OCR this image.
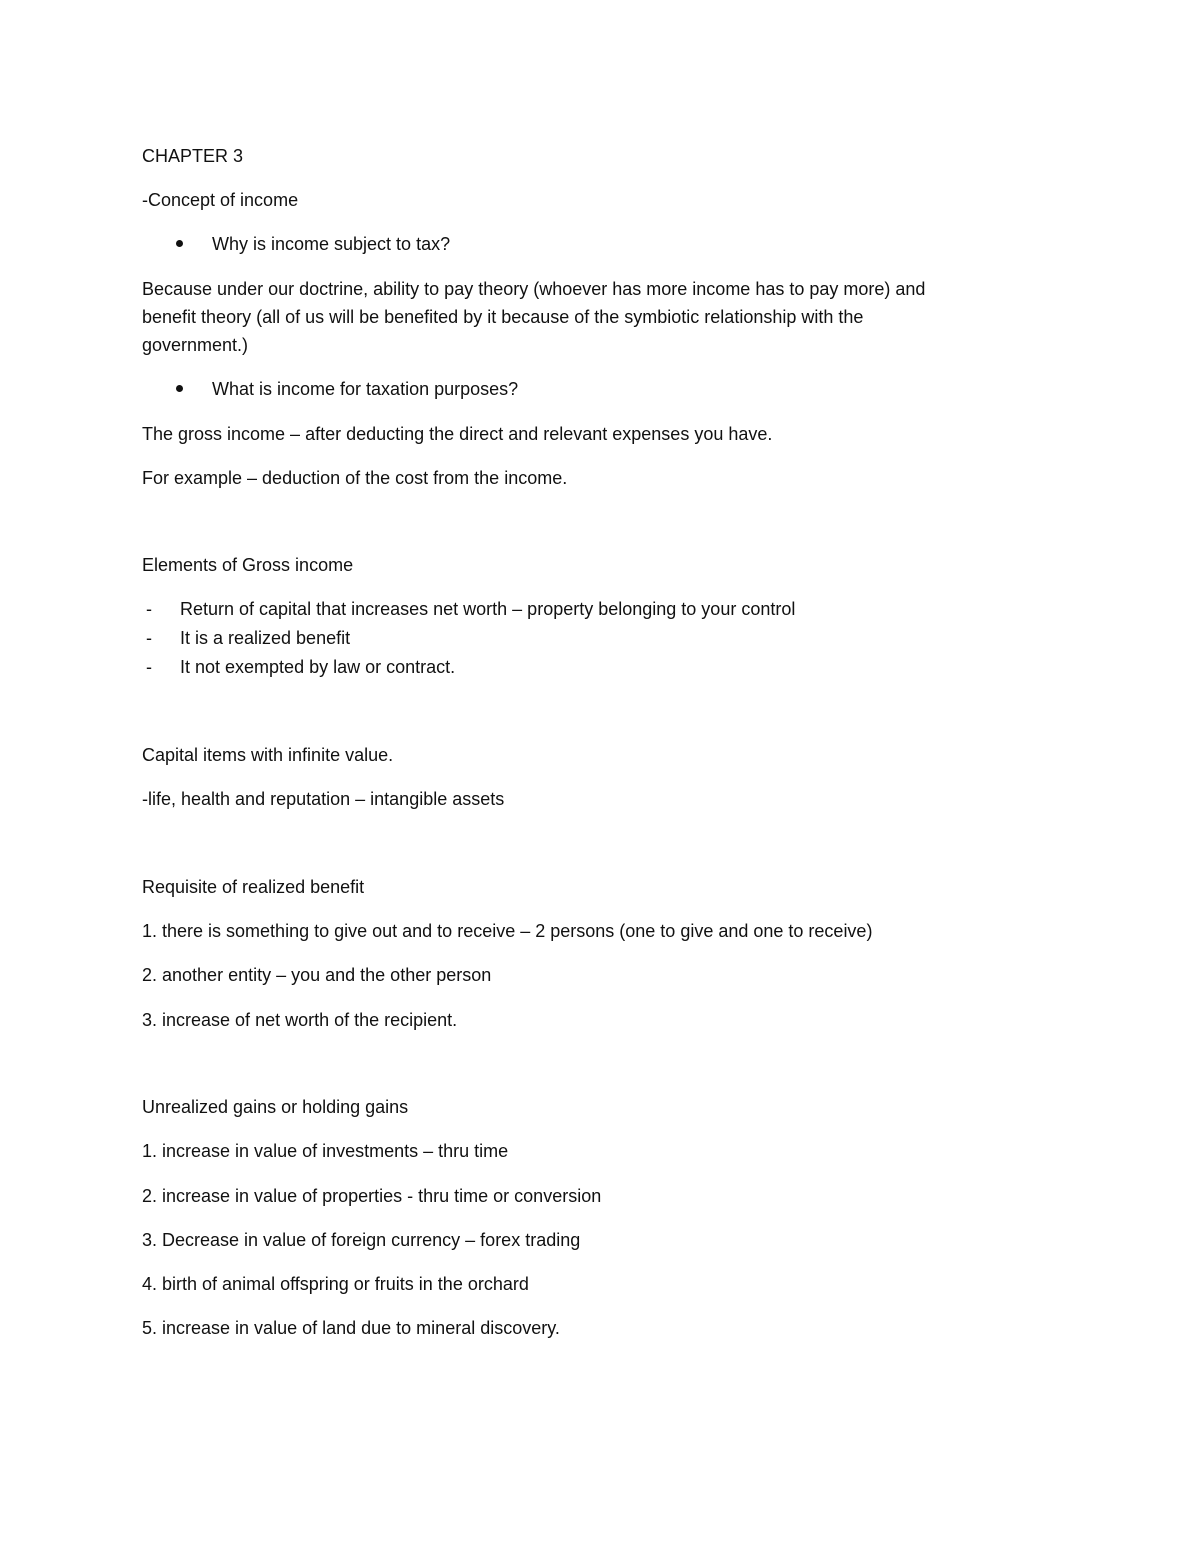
CHAPTER 3
-Concept of income
Why is income subject to tax?
Because under our doctrine, ability to pay theory (whoever has more income has to pay more) and
benefit theory (all of us will be benefited by it because of the symbiotic relationship with the
government.)
What is income for taxation purposes?
The gross income – after deducting the direct and relevant expenses you have.
For example – deduction of the cost from the income.
Elements of Gross income
- Return of capital that increases net worth – property belonging to your control
- It is a realized benefit
- It not exempted by law or contract.
Capital items with infinite value.
-life, health and reputation – intangible assets
Requisite of realized benefit
1. there is something to give out and to receive – 2 persons (one to give and one to receive)
2. another entity – you and the other person
3. increase of net worth of the recipient.
Unrealized gains or holding gains
1. increase in value of investments – thru time
2. increase in value of properties - thru time or conversion
3. Decrease in value of foreign currency – forex trading
4. birth of animal offspring or fruits in the orchard
5. increase in value of land due to mineral discovery.
